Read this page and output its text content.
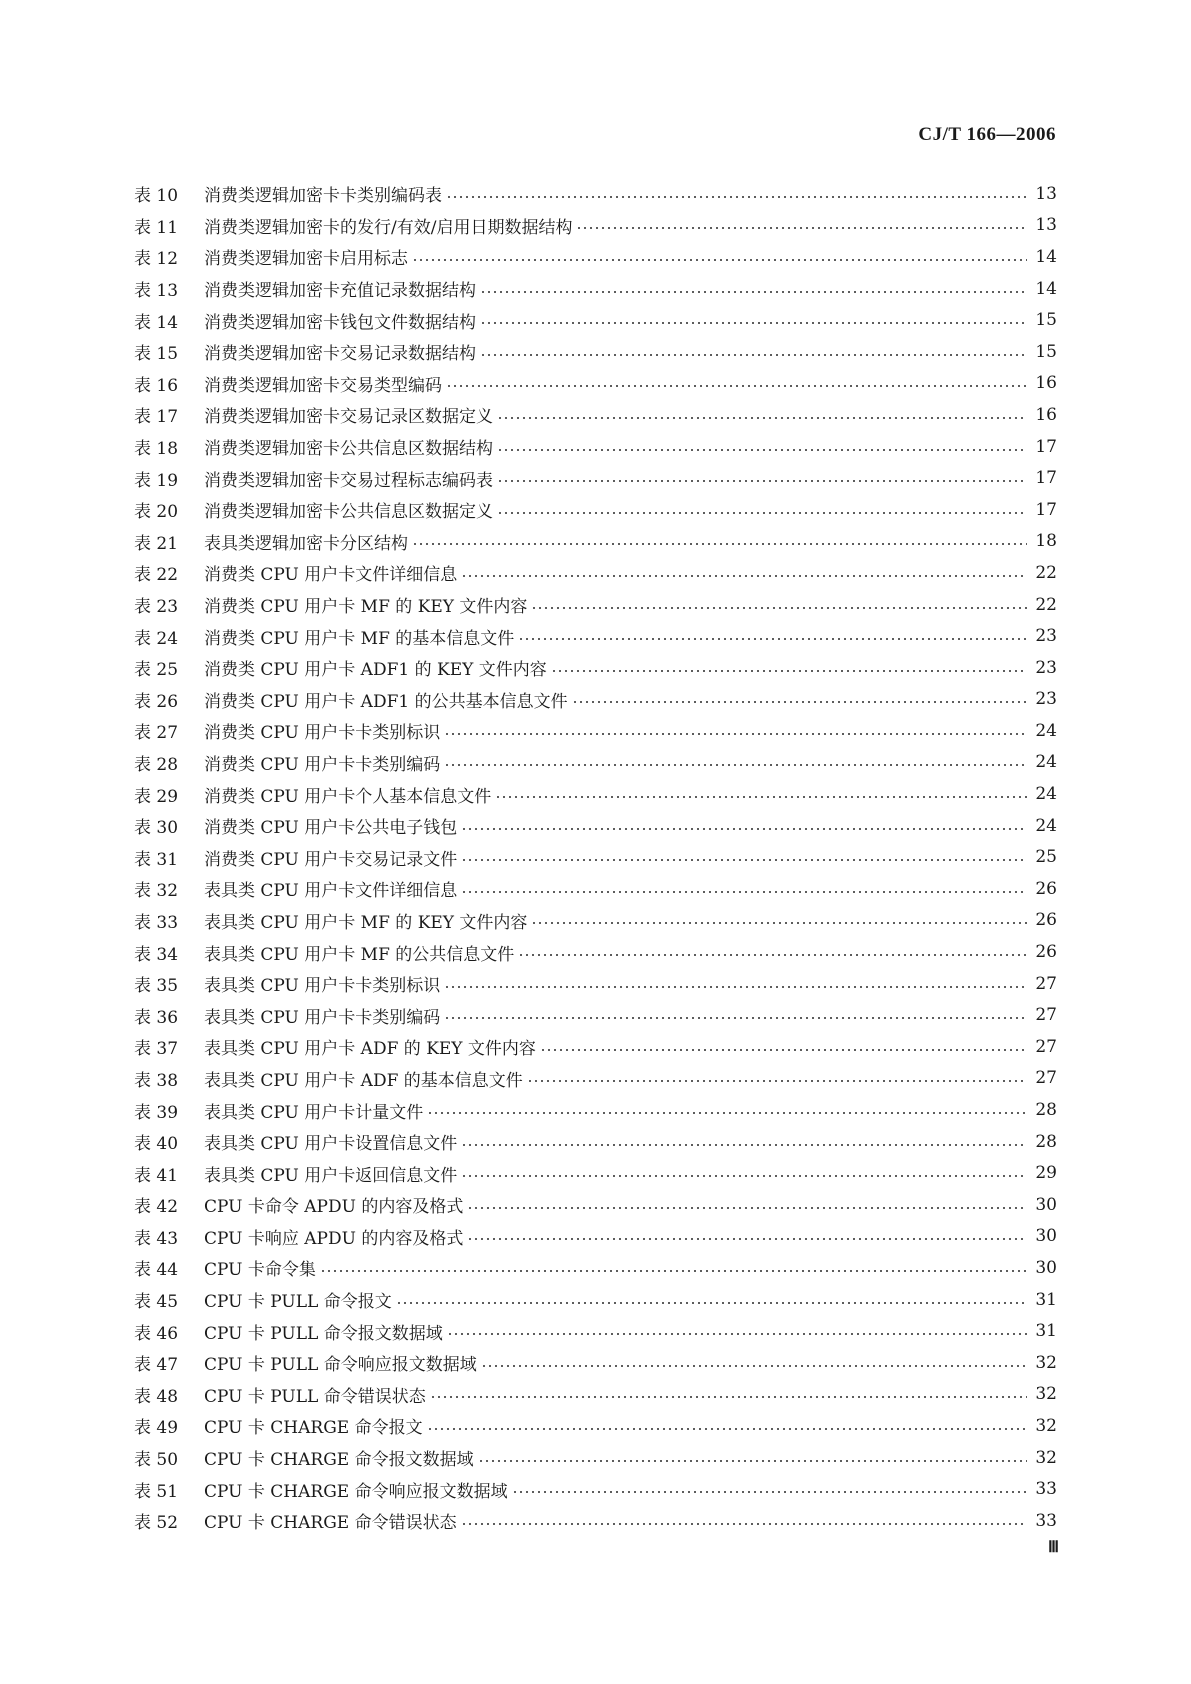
CJ/T 166—2006
表 10	消费类逻辑加密卡卡类别编码表	13
表 11	消费类逻辑加密卡的发行/有效/启用日期数据结构	13
表 12	消费类逻辑加密卡启用标志	14
表 13	消费类逻辑加密卡充值记录数据结构	14
表 14	消费类逻辑加密卡钱包文件数据结构	15
表 15	消费类逻辑加密卡交易记录数据结构	15
表 16	消费类逻辑加密卡交易类型编码	16
表 17	消费类逻辑加密卡交易记录区数据定义	16
表 18	消费类逻辑加密卡公共信息区数据结构	17
表 19	消费类逻辑加密卡交易过程标志编码表	17
表 20	消费类逻辑加密卡公共信息区数据定义	17
表 21	表具类逻辑加密卡分区结构	18
表 22	消费类 CPU 用户卡文件详细信息	22
表 23	消费类 CPU 用户卡 MF 的 KEY 文件内容	22
表 24	消费类 CPU 用户卡 MF 的基本信息文件	23
表 25	消费类 CPU 用户卡 ADF1 的 KEY 文件内容	23
表 26	消费类 CPU 用户卡 ADF1 的公共基本信息文件	23
表 27	消费类 CPU 用户卡卡类别标识	24
表 28	消费类 CPU 用户卡卡类别编码	24
表 29	消费类 CPU 用户卡个人基本信息文件	24
表 30	消费类 CPU 用户卡公共电子钱包	24
表 31	消费类 CPU 用户卡交易记录文件	25
表 32	表具类 CPU 用户卡文件详细信息	26
表 33	表具类 CPU 用户卡 MF 的 KEY 文件内容	26
表 34	表具类 CPU 用户卡 MF 的公共信息文件	26
表 35	表具类 CPU 用户卡卡类别标识	27
表 36	表具类 CPU 用户卡卡类别编码	27
表 37	表具类 CPU 用户卡 ADF 的 KEY 文件内容	27
表 38	表具类 CPU 用户卡 ADF 的基本信息文件	27
表 39	表具类 CPU 用户卡计量文件	28
表 40	表具类 CPU 用户卡设置信息文件	28
表 41	表具类 CPU 用户卡返回信息文件	29
表 42	CPU 卡命令 APDU 的内容及格式	30
表 43	CPU 卡响应 APDU 的内容及格式	30
表 44	CPU 卡命令集	30
表 45	CPU 卡 PULL 命令报文	31
表 46	CPU 卡 PULL 命令报文数据域	31
表 47	CPU 卡 PULL 命令响应报文数据域	32
表 48	CPU 卡 PULL 命令错误状态	32
表 49	CPU 卡 CHARGE 命令报文	32
表 50	CPU 卡 CHARGE 命令报文数据域	32
表 51	CPU 卡 CHARGE 命令响应报文数据域	33
表 52	CPU 卡 CHARGE 命令错误状态	33
Ⅲ
